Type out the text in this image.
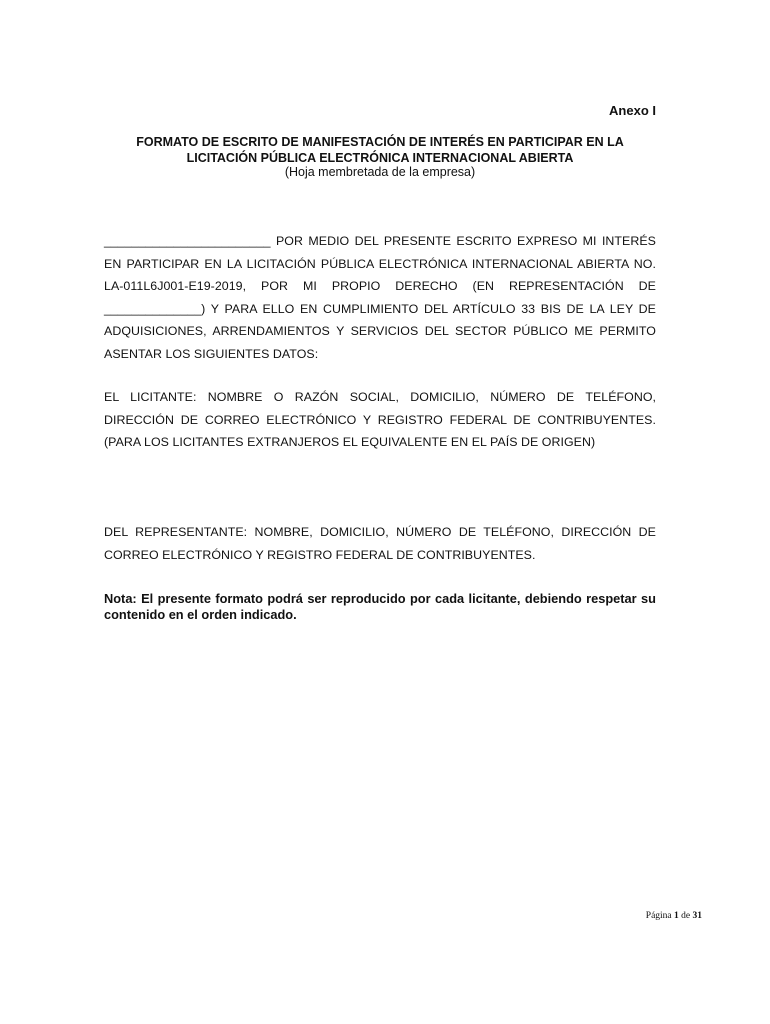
Anexo I
FORMATO DE ESCRITO DE MANIFESTACIÓN DE INTERÉS EN PARTICIPAR EN LA
LICITACIÓN PÚBLICA ELECTRÓNICA INTERNACIONAL ABIERTA
(Hoja membretada de la empresa)
________________________ POR MEDIO DEL PRESENTE ESCRITO EXPRESO MI INTERÉS EN PARTICIPAR EN LA LICITACIÓN PÚBLICA ELECTRÓNICA INTERNACIONAL ABIERTA NO. LA-011L6J001-E19-2019, POR MI PROPIO DERECHO (EN REPRESENTACIÓN DE ______________) Y PARA ELLO EN CUMPLIMIENTO DEL ARTÍCULO 33 BIS DE LA LEY DE ADQUISICIONES, ARRENDAMIENTOS Y SERVICIOS DEL SECTOR PÚBLICO ME PERMITO ASENTAR LOS SIGUIENTES DATOS:
EL LICITANTE: NOMBRE O RAZÓN SOCIAL, DOMICILIO, NÚMERO DE TELÉFONO, DIRECCIÓN DE CORREO ELECTRÓNICO Y REGISTRO FEDERAL DE CONTRIBUYENTES. (PARA LOS LICITANTES EXTRANJEROS EL EQUIVALENTE EN EL PAÍS DE ORIGEN)
DEL REPRESENTANTE: NOMBRE, DOMICILIO, NÚMERO DE TELÉFONO, DIRECCIÓN DE CORREO ELECTRÓNICO Y REGISTRO FEDERAL DE CONTRIBUYENTES.
Nota: El presente formato podrá ser reproducido por cada licitante, debiendo respetar su contenido en el orden indicado.
Página 1 de 31
